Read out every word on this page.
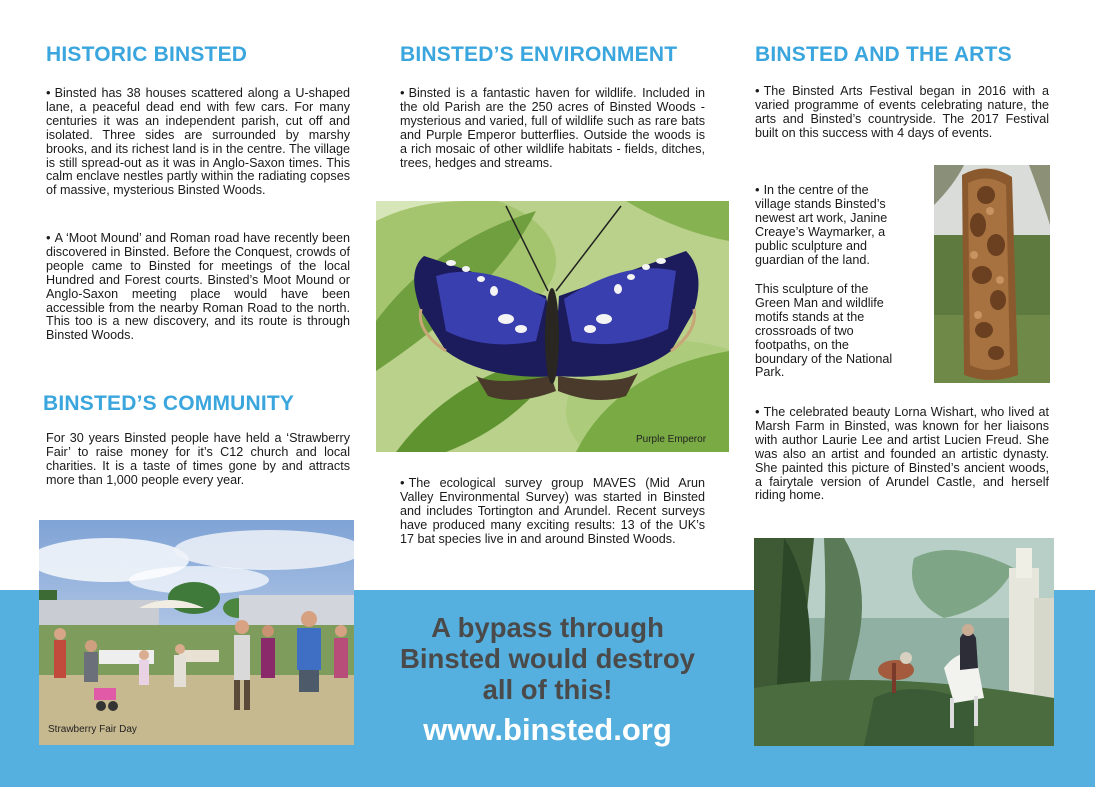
HISTORIC BINSTED

• Binsted has 38 houses scattered along a U-shaped lane, a peaceful dead end with few cars. For many centuries it was an independent parish, cut off and isolated. Three sides are surrounded by marshy brooks, and its richest land is in the centre. The village is still spread-out as it was in Anglo-Saxon times. This calm enclave nestles partly within the radiating copses of massive, mysterious Binsted Woods.

• A ‘Moot Mound’ and Roman road have recently been discovered in Binsted. Before the Conquest, crowds of people came to Binsted for meetings of the local Hundred and Forest courts. Binsted’s Moot Mound or Anglo-Saxon meeting place would have been accessible from the nearby Roman Road to the north. This too is a new discovery, and its route is through Binsted Woods.

BINSTED’S COMMUNITY

For 30 years Binsted people have held a ‘Strawberry Fair’ to raise money for it’s C12 church and local charities. It is a taste of times gone by and attracts more than 1,000 people every year.

Strawberry Fair Day
BINSTED’S ENVIRONMENT

• Binsted is a fantastic haven for wildlife. Included in the old Parish are the 250 acres of Binsted Woods - mysterious and varied, full of wildlife such as rare bats and Purple Emperor butterflies. Outside the woods is a rich mosaic of other wildlife habitats - fields, ditches, trees, hedges and streams.

Purple Emperor

• The ecological survey group MAVES (Mid Arun Valley Environmental Survey) was started in Binsted and includes Tortington and Arundel. Recent surveys have produced many exciting results: 13 of the UK’s 17 bat species live in and around Binsted Woods.

BINSTED AND THE ARTS

• The Binsted Arts Festival began in 2016 with a varied programme of events celebrating nature, the arts and Binsted’s countryside. The 2017 Festival built on this success with 4 days of events.

• In the centre of the village stands Binsted’s newest art work, Janine Creaye’s Waymarker, a public sculpture and guardian of the land.

This sculpture of the Green Man and wildlife motifs stands at the crossroads of two footpaths, on the boundary of the National Park.

• The celebrated beauty Lorna Wishart, who lived at Marsh Farm in Binsted, was known for her liaisons with author Laurie Lee and artist Lucien Freud. She was also an artist and founded an artistic dynasty. She painted this picture of Binsted’s ancient woods, a fairytale version of Arundel Castle, and herself riding home.

A bypass through Binsted would destroy all of this!

www.binsted.org
